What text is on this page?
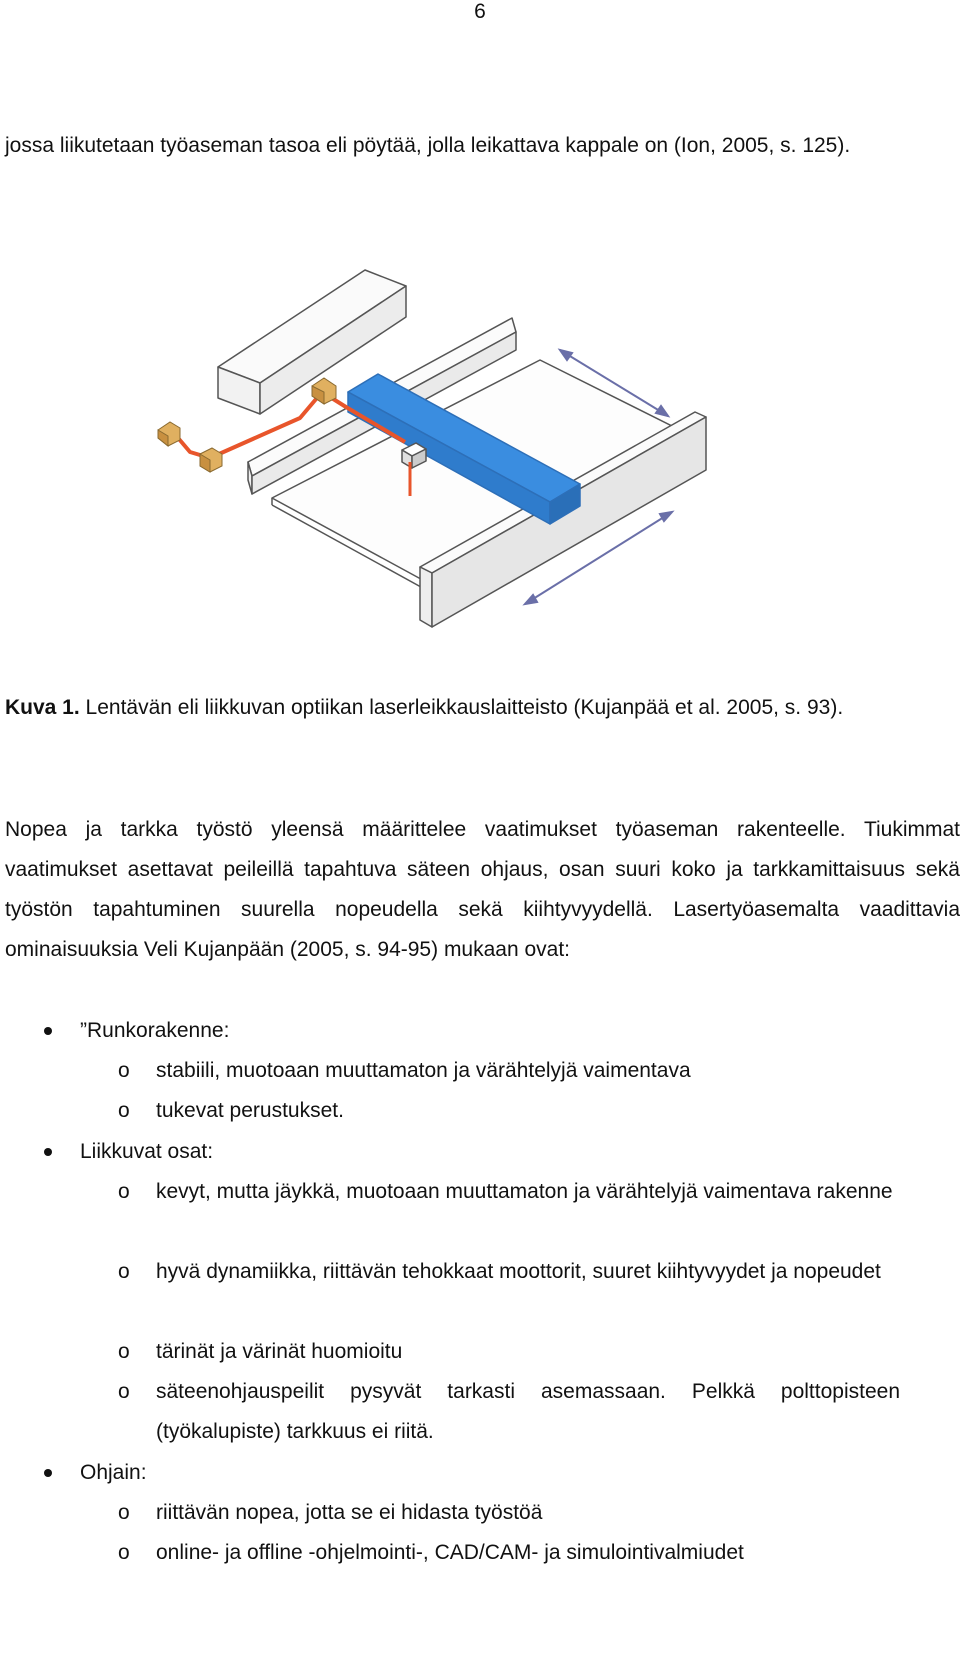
6
jossa liikutetaan työaseman tasoa eli pöytää, jolla leikattava kappale on (Ion, 2005, s. 125).
Kuva 1. Lentävän eli liikkuvan optiikan laserleikkauslaitteisto (Kujanpää et al. 2005, s. 93).
Nopea ja tarkka työstö yleensä määrittelee vaatimukset työaseman rakenteelle. Tiukimmat vaatimukset asettavat peileillä tapahtuva säteen ohjaus, osan suuri koko ja tarkkamittaisuus sekä työstön tapahtuminen suurella nopeudella sekä kiihtyvyydellä. Lasertyöasemalta vaadittavia ominaisuuksia Veli Kujanpään (2005, s. 94-95) mukaan ovat:
”Runkorakenne:
o stabiili, muotoaan muuttamaton ja värähtelyjä vaimentava
o tukevat perustukset.
Liikkuvat osat:
o kevyt, mutta jäykkä, muotoaan muuttamaton ja värähtelyjä vaimentava rakenne
o hyvä dynamiikka, riittävän tehokkaat moottorit, suuret kiihtyvyydet ja nopeudet
o tärinät ja värinät huomioitu
o säteenohjauspeilit pysyvät tarkasti asemassaan. Pelkkä polttopisteen (työkalupiste) tarkkuus ei riitä.
Ohjain:
o riittävän nopea, jotta se ei hidasta työstöä
o online- ja offline -ohjelmointi-, CAD/CAM- ja simulointivalmiudet
